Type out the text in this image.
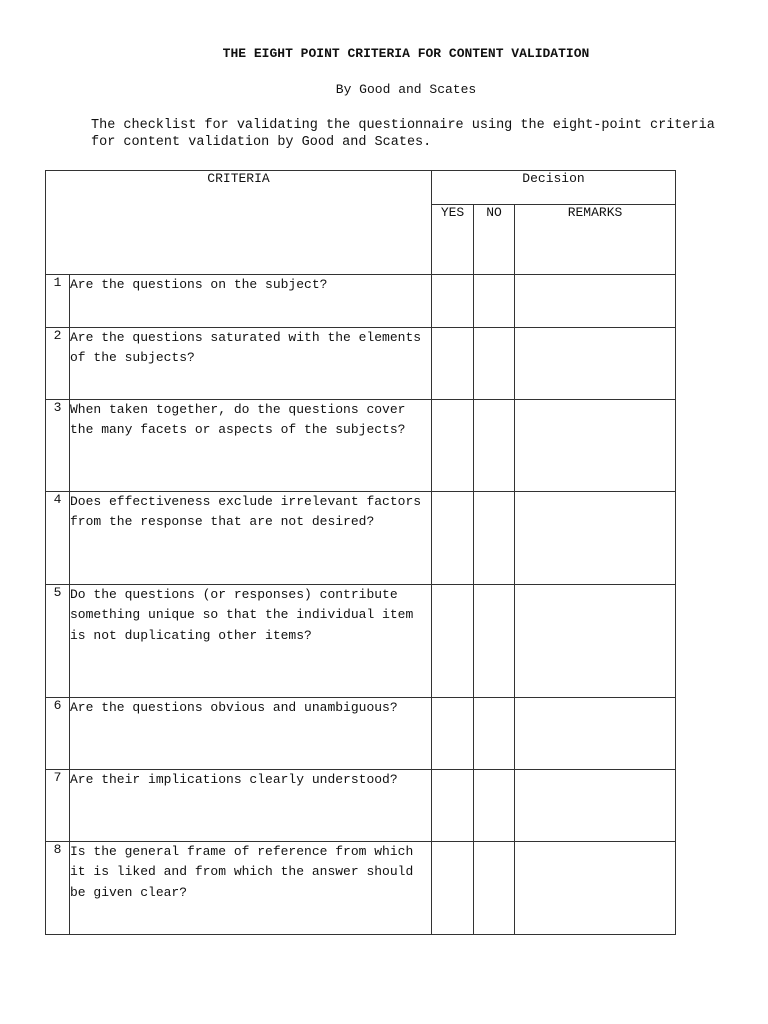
THE EIGHT POINT CRITERIA FOR CONTENT VALIDATION
By Good and Scates
The checklist for validating the questionnaire using the eight-point criteria for content validation by Good and Scates.
CRITERIA		Decision		
		YES	NO	REMARKS
1	Are the questions on the subject?			
2	Are the questions saturated with the elements of the subjects?			
3	When taken together, do the questions cover the many facets or aspects of the subjects?			
4	Does effectiveness exclude irrelevant factors from the response that are not desired?			
5	Do the questions (or responses) contribute something unique so that the individual item is not duplicating other items?			
6	Are the questions obvious and unambiguous?			
7	Are their implications clearly understood?			
8	Is the general frame of reference from which it is liked and from which the answer should be given clear?			
